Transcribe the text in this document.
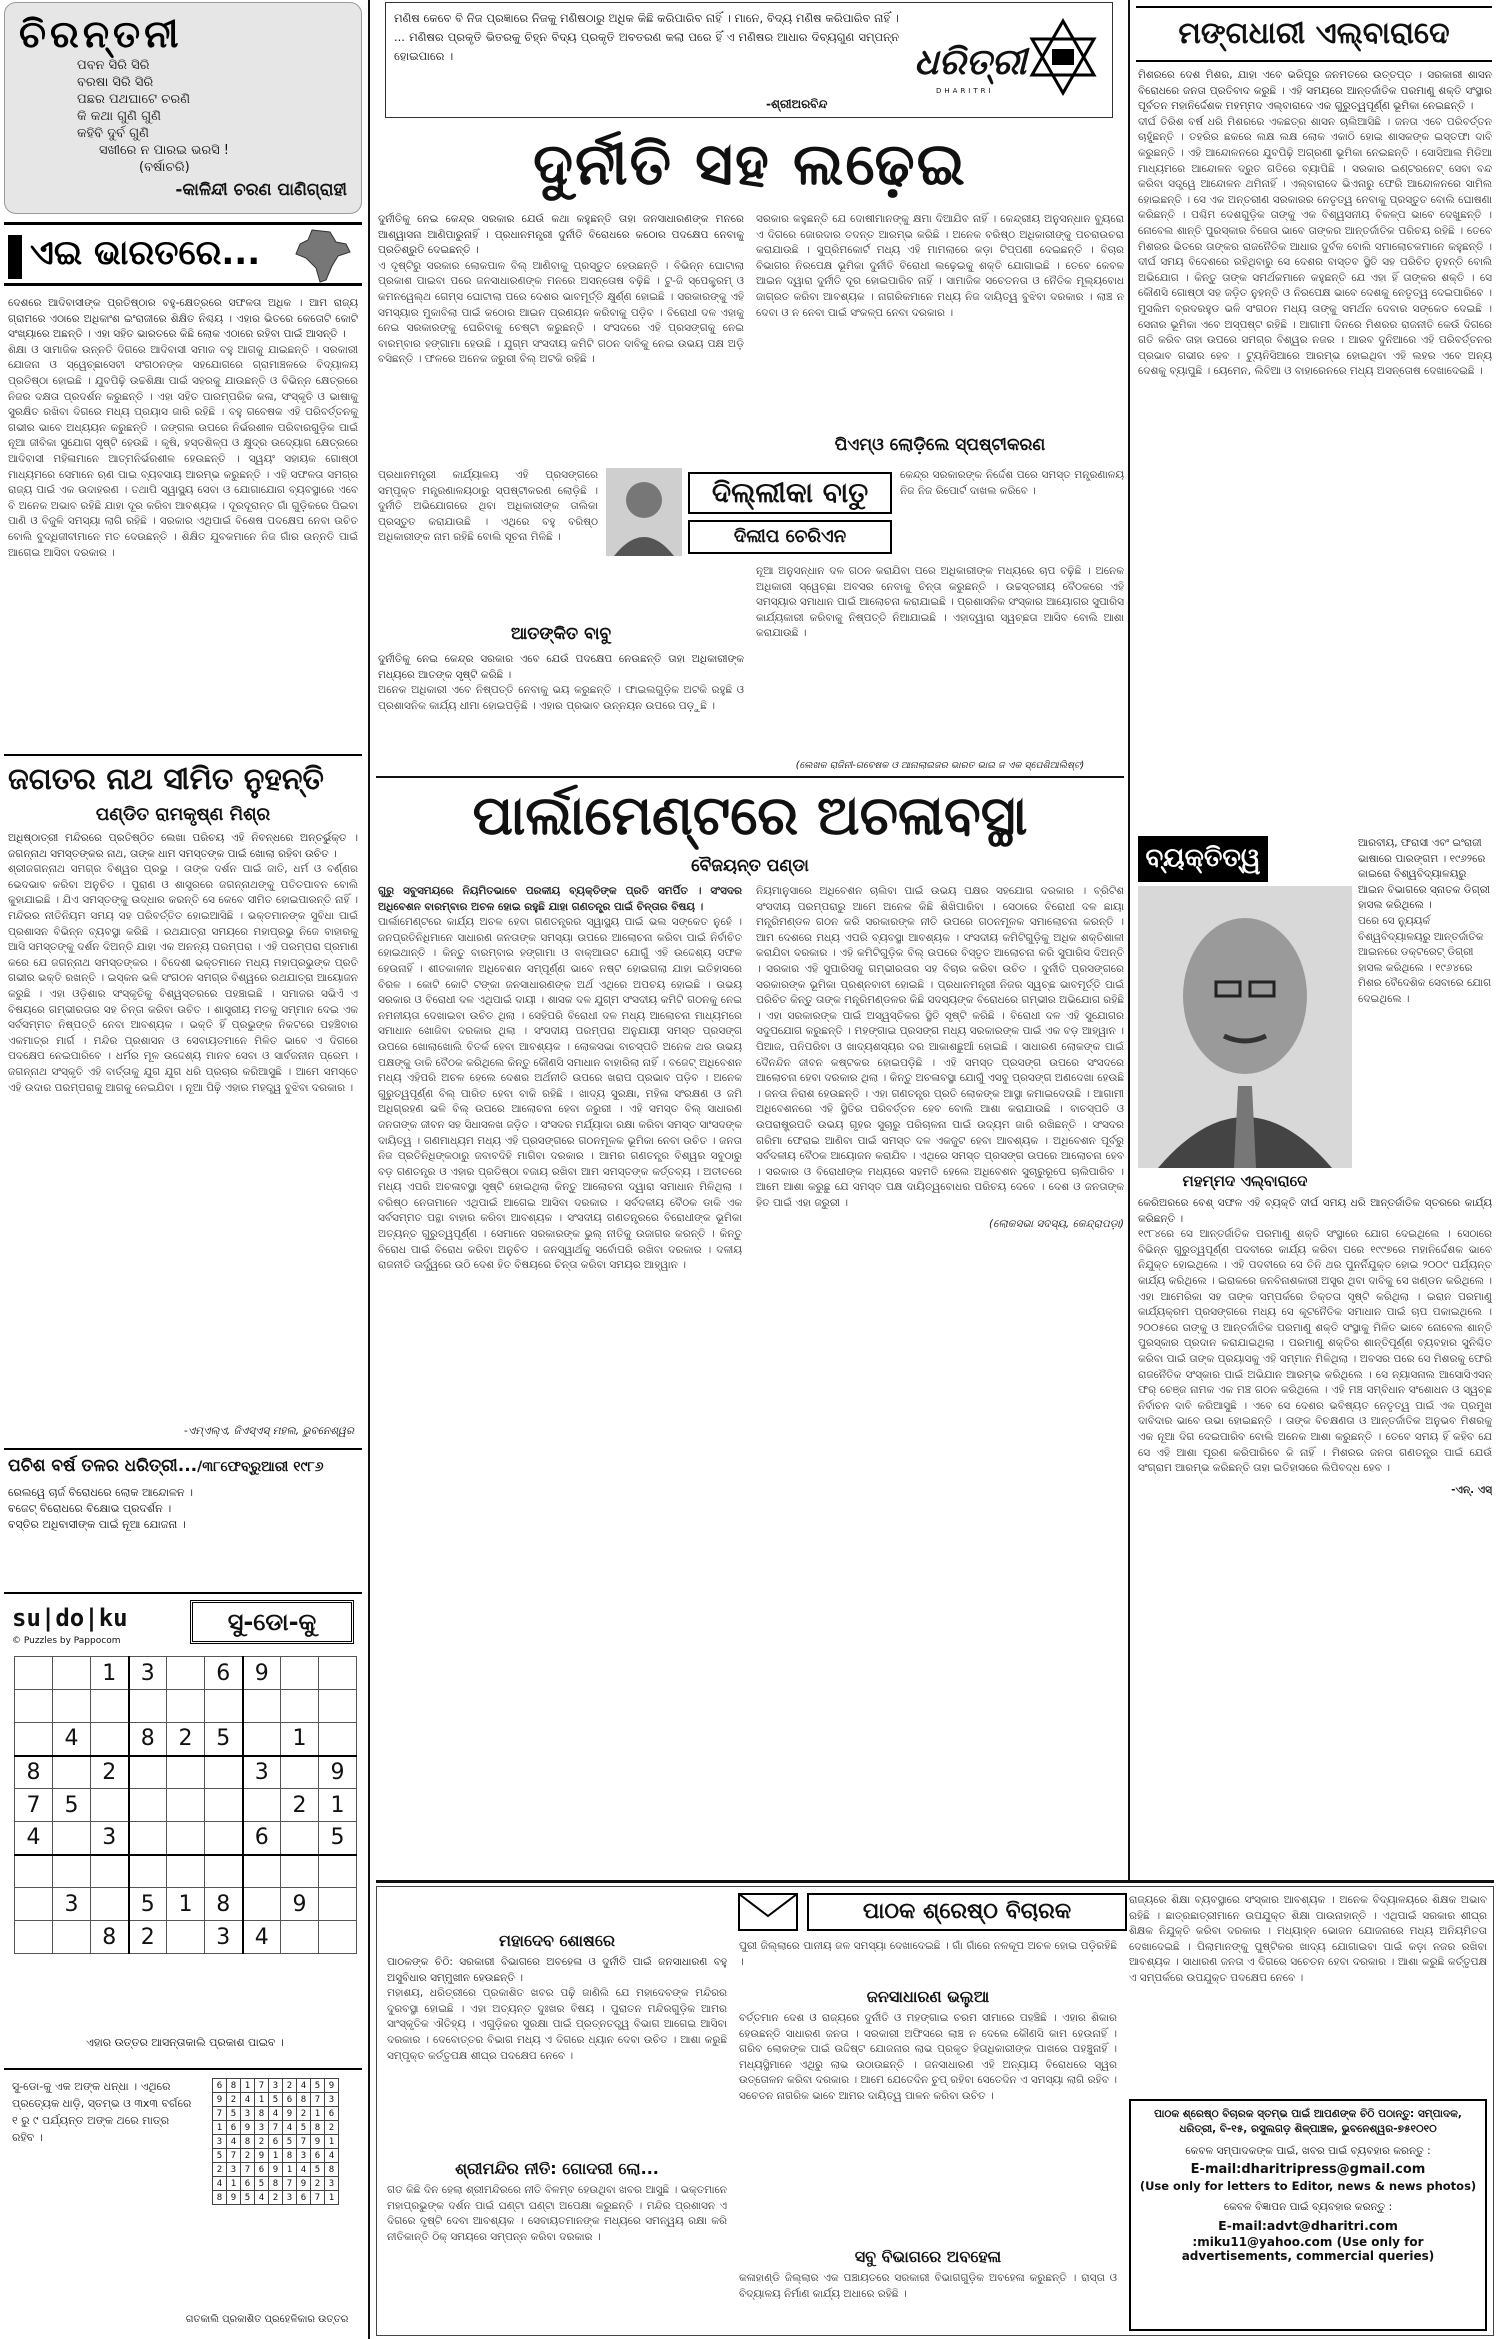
ଚିରନ୍ତନୀ
ପବନ ସିରି ସିରି
ବରଷା ସିରି ସିରି
ପଛର ପଥଘାଟେ ଚରଣି
କି କଥା ଗୁଣି ଗୁଣି
କହିବି ଦୁର୍ବ ଗୁଣି
ସଖୀରେ ନ ପାରଇ ଭରସି !
(ବର୍ଷାଚରି)
-କାଳିନ୍ଦୀ ଚରଣ ପାଣିଗ୍ରାହୀ
ମଣିଷ କେବେ ବି ନିଜ ପ୍ରଜ୍ଞାରେ ନିଜକୁ ମଣିଷଠାରୁ ଅଧିକ କିଛି କରିପାରିବ ନାହିଁ । ମାନେ, ବିଦ୍ୟ ମଣିଷ କରିପାରିବ ନାହିଁ । ... ମଣିଷର ପ୍ରକୃତି ଭିତରକୁ ଚିହ୍ନ ବିଦ୍ୟ ପ୍ରକୃତି ଅବତରଣ କଲା ପରେ ହିଁ ଏ ମଣିଷର ଆଧାର ଦିବ୍ୟଗୁଣ ସମ୍ପନ୍ନ ହୋଇପାରେ ।
-ଶ୍ରୀଅରବିନ୍ଦ
ଧରିତ୍ରୀ
DHARITRI
ଏଇ ଭାରତରେ...
ଦେଶରେ ଆଦିବାସୀଙ୍କ ପ୍ରତିଷ୍ଠାର ବହୁ-କ୍ଷେତ୍ରରେ ସଫଳତା ଅଧିକ । ଆମ ରାଜ୍ୟ ଗ୍ରାମରେ ଏଠାରେ ଅଧିକାଂଶ ଇଂରାଜୀରେ ଶିକ୍ଷିତ ନିଶ୍ଚୟ । ଏହାର ଭିତରେ କେତୋଟି କୋଟି ସଂଖ୍ୟାରେ ଅଛନ୍ତି । ଏହା ସହିତ ଭାରତରେ କିଛି ଲୋକ ଏଠାରେ ରହିବା ପାଇଁ ଆସନ୍ତି ।
ଶିକ୍ଷା ଓ ସାମାଜିକ ଉନ୍ନତି ଦିଗରେ ଆଦିବାସୀ ସମାଜ ବହୁ ଆଗକୁ ଯାଇଛନ୍ତି । ସରକାରୀ ଯୋଜନା ଓ ସ୍ୱେଚ୍ଛାସେବୀ ସଂଗଠନଙ୍କ ସହଯୋଗରେ ଗ୍ରାମାଞ୍ଚଳରେ ବିଦ୍ୟାଳୟ ପ୍ରତିଷ୍ଠା ହୋଇଛି । ଯୁବପିଢ଼ି ଉଚ୍ଚଶିକ୍ଷା ପାଇଁ ସହରକୁ ଯାଉଛନ୍ତି ଓ ବିଭିନ୍ନ କ୍ଷେତ୍ରରେ ନିଜର ଦକ୍ଷତା ପ୍ରଦର୍ଶନ କରୁଛନ୍ତି । ଏହା ସହିତ ପାରମ୍ପରିକ କଳା, ସଂସ୍କୃତି ଓ ଭାଷାକୁ ସୁରକ୍ଷିତ ରଖିବା ଦିଗରେ ମଧ୍ୟ ପ୍ରୟାସ ଜାରି ରହିଛି । ବହୁ ଗବେଷକ ଏହି ପରିବର୍ତ୍ତନକୁ ଗଭୀର ଭାବେ ଅଧ୍ୟୟନ କରୁଛନ୍ତି । ଜଙ୍ଗଲ ଉପରେ ନିର୍ଭରଶୀଳ ପରିବାରଗୁଡ଼ିକ ପାଇଁ ନୂଆ ଜୀବିକା ସୁଯୋଗ ସୃଷ୍ଟି ହେଉଛି । କୃଷି, ହସ୍ତଶିଳ୍ପ ଓ କ୍ଷୁଦ୍ର ଉଦ୍ୟୋଗ କ୍ଷେତ୍ରରେ ଆଦିବାସୀ ମହିଳାମାନେ ଆତ୍ମନିର୍ଭରଶୀଳ ହେଉଛନ୍ତି । ସ୍ୱୟଂ ସହାୟକ ଗୋଷ୍ଠୀ ମାଧ୍ୟମରେ ସେମାନେ ଋଣ ପାଇ ବ୍ୟବସାୟ ଆରମ୍ଭ କରୁଛନ୍ତି । ଏହି ସଫଳତା ସମଗ୍ର ରାଜ୍ୟ ପାଇଁ ଏକ ଉଦାହରଣ । ତଥାପି ସ୍ୱାସ୍ଥ୍ୟ ସେବା ଓ ଯୋଗାଯୋଗ ବ୍ୟବସ୍ଥାରେ ଏବେ ବି ଅନେକ ଅଭାବ ରହିଛି ଯାହା ଦୂର କରିବା ଆବଶ୍ୟକ । ଦୂରଦୂରାନ୍ତ ଗାଁ ଗୁଡ଼ିକରେ ପିଇବା ପାଣି ଓ ବିଜୁଳି ସମସ୍ୟା ଲାଗି ରହିଛି । ସରକାର ଏଥିପାଇଁ ବିଶେଷ ପଦକ୍ଷେପ ନେବା ଉଚିତ ବୋଲି ବୁଦ୍ଧିଜୀବୀମାନେ ମତ ଦେଉଛନ୍ତି । ଶିକ୍ଷିତ ଯୁବକମାନେ ନିଜ ଗାଁର ଉନ୍ନତି ପାଇଁ ଆଗେଇ ଆସିବା ଦରକାର ।
ଜଗତର ନାଥ ସୀମିତ ନୁହନ୍ତି
ପଣ୍ଡିତ ରାମକୃଷ୍ଣ ମିଶ୍ର
ଅଧିଷ୍ଠାତ୍ରୀ ମନ୍ଦିରରେ ପ୍ରତିଷ୍ଠିତ ଲେଖା ପରିଚୟ ଏହି ନିବନ୍ଧରେ ଅନ୍ତର୍ଭୁକ୍ତ । ଜଗନ୍ନାଥ ସମସ୍ତଙ୍କର ନାଥ, ତାଙ୍କ ଧାମ ସମସ୍ତଙ୍କ ପାଇଁ ଖୋଲା ରହିବା ଉଚିତ ।
ଶ୍ରୀଜଗନ୍ନାଥ ସମଗ୍ର ବିଶ୍ୱର ପ୍ରଭୁ । ତାଙ୍କ ଦର୍ଶନ ପାଇଁ ଜାତି, ଧର୍ମ ଓ ବର୍ଣ୍ଣର ଭେଦଭାବ କରିବା ଅନୁଚିତ । ପୁରାଣ ଓ ଶାସ୍ତ୍ରରେ ଜଗନ୍ନାଥଙ୍କୁ ପତିତପାବନ ବୋଲି କୁହାଯାଇଛି । ଯିଏ ସମସ୍ତଙ୍କୁ ଉଦ୍ଧାର କରନ୍ତି ସେ କେବେ ସୀମିତ ହୋଇପାରନ୍ତି ନାହିଁ । ମନ୍ଦିରର ନୀତିନିୟମ ସମୟ ସହ ପରିବର୍ତ୍ତିତ ହୋଇଆସିଛି । ଭକ୍ତମାନଙ୍କ ସୁବିଧା ପାଇଁ ପ୍ରଶାସନ ବିଭିନ୍ନ ବ୍ୟବସ୍ଥା କରିଛି । ରଥଯାତ୍ରା ସମୟରେ ମହାପ୍ରଭୁ ନିଜେ ବାହାରକୁ ଆସି ସମସ୍ତଙ୍କୁ ଦର୍ଶନ ଦିଅନ୍ତି ଯାହା ଏକ ଅନନ୍ୟ ପରମ୍ପରା । ଏହି ପରମ୍ପରା ପ୍ରମାଣ କରେ ଯେ ଜଗନ୍ନାଥ ସମସ୍ତଙ୍କର । ବିଦେଶୀ ଭକ୍ତମାନେ ମଧ୍ୟ ମହାପ୍ରଭୁଙ୍କ ପ୍ରତି ଗଭୀର ଭକ୍ତି ରଖନ୍ତି । ଇସ୍କନ ଭଳି ସଂଗଠନ ସମଗ୍ର ବିଶ୍ୱରେ ରଥଯାତ୍ରା ଆୟୋଜନ କରୁଛି । ଏହା ଓଡ଼ିଶାର ସଂସ୍କୃତିକୁ ବିଶ୍ୱସ୍ତରରେ ପହଞ୍ଚାଇଛି । ସମାଜର ସଭିଏଁ ଏ ବିଷୟରେ ଗମ୍ଭୀରତାର ସହ ଚିନ୍ତା କରିବା ଉଚିତ । ଶାସ୍ତ୍ରୀୟ ମତକୁ ସମ୍ମାନ ଦେଇ ଏକ ସର୍ବସମ୍ମତ ନିଷ୍ପତ୍ତି ନେବା ଆବଶ୍ୟକ । ଭକ୍ତି ହିଁ ପ୍ରଭୁଙ୍କ ନିକଟରେ ପହଞ୍ଚିବାର ଏକମାତ୍ର ମାର୍ଗ । ମନ୍ଦିର ପ୍ରଶାସନ ଓ ସେବାୟତମାନେ ମିଳିତ ଭାବେ ଏ ଦିଗରେ ପଦକ୍ଷେପ ନେଇପାରିବେ । ଧର୍ମର ମୂଳ ଉଦ୍ଦେଶ୍ୟ ମାନବ ସେବା ଓ ସାର୍ବଜନୀନ ପ୍ରେମ । ଜଗନ୍ନାଥ ସଂସ୍କୃତି ଏହି ବାର୍ତ୍ତାକୁ ଯୁଗ ଯୁଗ ଧରି ପ୍ରଚାର କରିଆସୁଛି । ଆମେ ସମସ୍ତେ ଏହି ଉଦାର ପରମ୍ପରାକୁ ଆଗକୁ ନେଇଯିବା । ନୂଆ ପିଢ଼ି ଏହାର ମହତ୍ତ୍ୱ ବୁଝିବା ଦରକାର ।
-ଏମ୍‌ଏଲ୍‌ଏ, ଜିଏସ୍‌ଏସ୍ ମହଲ, ଭୁବନେଶ୍ୱର
ପଚିଶ ବର୍ଷ ତଳର ଧରିତ୍ରୀ.../୩୮ଫେବ୍ରୁଆରୀ ୧୯୮୬
ରେଲୱେ ଚାର୍ଜ ବିରୋଧରେ ଲୋକ ଆନ୍ଦୋଳନ ।
ବଜେଟ୍ ବିରୋଧରେ ବିକ୍ଷୋଭ ପ୍ରଦର୍ଶନ ।
ବସ୍ତିର ଅଧିବାସୀଙ୍କ ପାଇଁ ନୂଆ ଯୋଜନା ।
su|do|ku
© Puzzles by Pappocom
ସୁ-ଡୋ-କୁ
		1	3		6	9		

	4		8	2	5		1	
8		2				3		9
7	5						2	1
4		3				6		5

	3		5	1	8		9	
		8	2		3	4		
ଏହାର ଉତ୍ତର ଆସନ୍ତାକାଲି ପ୍ରକାଶ ପାଇବ ।
ସୁ-ଡୋ-କୁ ଏକ ଅଙ୍କ ଧନ୍ଧା । ଏଥିରେ ପ୍ରତ୍ୟେକ ଧାଡ଼ି, ସ୍ତମ୍ଭ ଓ ୩x୩ ବର୍ଗରେ ୧ ରୁ ୯ ପର୍ଯ୍ୟନ୍ତ ଅଙ୍କ ଥରେ ମାତ୍ର ରହିବ ।
6	8	1	7	3	2	4	5	9
9	2	4	1	5	6	8	7	3
7	5	3	8	4	9	2	1	6
1	6	9	3	7	4	5	8	2
3	4	8	2	6	5	7	9	1
5	7	2	9	1	8	3	6	4
2	3	7	6	9	1	4	5	8
4	1	6	5	8	7	9	2	3
8	9	5	4	2	3	6	7	1
ଗତକାଲି ପ୍ରକାଶିତ ପ୍ରହେଳିକାର ଉତ୍ତର
ଦୁର୍ନୀତି ସହ ଲଢ଼େଇ
ଦୁର୍ନୀତିକୁ ନେଇ କେନ୍ଦ୍ର ସରକାର ଯେଉଁ କଥା କହୁଛନ୍ତି ତାହା ଜନସାଧାରଣଙ୍କ ମନରେ ଆଶ୍ୱାସନା ଆଣିପାରୁନାହିଁ । ପ୍ରଧାନମନ୍ତ୍ରୀ ଦୁର୍ନୀତି ବିରୋଧରେ କଠୋର ପଦକ୍ଷେପ ନେବାକୁ ପ୍ରତିଶ୍ରୁତି ଦେଇଛନ୍ତି ।
ଏ ଦୃଷ୍ଟିରୁ ସରକାର ଲୋକପାଳ ବିଲ୍ ଆଣିବାକୁ ପ୍ରସ୍ତୁତ ହେଉଛନ୍ତି । ବିଭିନ୍ନ ଘୋଟାଲା ପ୍ରକାଶ ପାଇବା ପରେ ଜନସାଧାରଣଙ୍କ ମନରେ ଅସନ୍ତୋଷ ବଢ଼ିଛି । ଟୁ-ଜି ସ୍ପେକ୍ଟ୍ରମ୍ ଓ କମନୱେଲ୍‌ଥ ଗେମ୍ସ ଘୋଟାଲା ପରେ ଦେଶର ଭାବମୂର୍ତ୍ତି କ୍ଷୁର୍ଣ୍ଣ ହୋଇଛି । ସରକାରଙ୍କୁ ଏହି ସମସ୍ୟାର ମୁକାବିଲା ପାଇଁ କଠୋର ଆଇନ ପ୍ରଣୟନ କରିବାକୁ ପଡ଼ିବ । ବିରୋଧୀ ଦଳ ଏହାକୁ ନେଇ ସରକାରଙ୍କୁ ଘେରିବାକୁ ଚେଷ୍ଟା କରୁଛନ୍ତି । ସଂସଦରେ ଏହି ପ୍ରସଙ୍ଗକୁ ନେଇ ବାରମ୍ବାର ହଙ୍ଗାମା ହେଉଛି । ଯୁଗ୍ମ ସଂସଦୀୟ କମିଟି ଗଠନ ଦାବିକୁ ନେଇ ଉଭୟ ପକ୍ଷ ଅଡ଼ି ବସିଛନ୍ତି । ଫଳରେ ଅନେକ ଜରୁରୀ ବିଲ୍ ଅଟକି ରହିଛି ।
ସରକାର କହୁଛନ୍ତି ଯେ ଦୋଷୀମାନଙ୍କୁ କ୍ଷମା ଦିଆଯିବ ନାହିଁ । କେନ୍ଦ୍ରୀୟ ଅନୁସନ୍ଧାନ ବ୍ୟୁରୋ ଏ ଦିଗରେ ଜୋରଦାର ତଦନ୍ତ ଆରମ୍ଭ କରିଛି । ଅନେକ ବରିଷ୍ଠ ଅଧିକାରୀଙ୍କୁ ପଚରାଉଚରା କରାଯାଉଛି । ସୁପ୍ରିମକୋର୍ଟ ମଧ୍ୟ ଏହି ମାମଲାରେ କଡ଼ା ଟିପ୍ପଣୀ ଦେଇଛନ୍ତି । ବିଚାର ବିଭାଗର ନିରପେକ୍ଷ ଭୂମିକା ଦୁର୍ନୀତି ବିରୋଧୀ ଲଢ଼େଇକୁ ଶକ୍ତି ଯୋଗାଇଛି । ତେବେ କେବଳ ଆଇନ ଦ୍ୱାରା ଦୁର୍ନୀତି ଦୂର ହୋଇପାରିବ ନାହିଁ । ସାମାଜିକ ସଚେତନତା ଓ ନୈତିକ ମୂଲ୍ୟବୋଧ ଜାଗ୍ରତ କରିବା ଆବଶ୍ୟକ । ନାଗରିକମାନେ ମଧ୍ୟ ନିଜ ଦାୟିତ୍ୱ ବୁଝିବା ଦରକାର । ଲାଞ୍ଚ ନ ଦେବା ଓ ନ ନେବା ପାଇଁ ସଂକଳ୍ପ ନେବା ଦରକାର ।
ଦିଲ୍ଲୀକା ବାତୁ
ଦିଲୀପ ଚେରିଏନ
ପିଏମ୍‌ଓ ଲୋଡ଼ିଲେ ସ୍ପଷ୍ଟୀକରଣ
ପ୍ରଧାନମନ୍ତ୍ରୀ କାର୍ଯ୍ୟାଳୟ ଏହି ପ୍ରସଙ୍ଗରେ ସମ୍ପୃକ୍ତ ମନ୍ତ୍ରଣାଳୟଠାରୁ ସ୍ପଷ୍ଟୀକରଣ ଲୋଡ଼ିଛି । ଦୁର୍ନୀତି ଅଭିଯୋଗରେ ଥିବା ଅଧିକାରୀଙ୍କ ତାଲିକା ପ୍ରସ୍ତୁତ କରାଯାଉଛି । ଏଥିରେ ବହୁ ବରିଷ୍ଠ ଅଧିକାରୀଙ୍କ ନାମ ରହିଛି ବୋଲି ସୂଚନା ମିଳିଛି ।
କେନ୍ଦ୍ର ସରକାରଙ୍କ ନିର୍ଦ୍ଦେଶ ପରେ ସମସ୍ତ ମନ୍ତ୍ରଣାଳୟ ନିଜ ନିଜ ରିପୋର୍ଟ ଦାଖଲ କରିବେ ।
ଆତଙ୍କିତ ବାବୁ
ଦୁର୍ନୀତିକୁ ନେଇ କେନ୍ଦ୍ର ସରକାର ଏବେ ଯେଉଁ ପଦକ୍ଷେପ ନେଉଛନ୍ତି ତାହା ଅଧିକାରୀଙ୍କ ମଧ୍ୟରେ ଆତଙ୍କ ସୃଷ୍ଟି କରିଛି ।
ଅନେକ ଅଧିକାରୀ ଏବେ ନିଷ୍ପତ୍ତି ନେବାକୁ ଭୟ କରୁଛନ୍ତି । ଫାଇଲଗୁଡ଼ିକ ଅଟକି ରହୁଛି ଓ ପ୍ରଶାସନିକ କାର୍ଯ୍ୟ ଧୀମା ହୋଇପଡ଼ିଛି । ଏହାର ପ୍ରଭାବ ଉନ୍ନୟନ ଉପରେ ପଡ଼ୁଛି ।
ନୂଆ ଅନୁସନ୍ଧାନ ଦଳ ଗଠନ କରାଯିବା ପରେ ଅଧିକାରୀଙ୍କ ମଧ୍ୟରେ ଚାପ ବଢ଼ିଛି । ଅନେକ ଅଧିକାରୀ ସ୍ୱେଚ୍ଛା ଅବସର ନେବାକୁ ଚିନ୍ତା କରୁଛନ୍ତି । ଉଚ୍ଚସ୍ତରୀୟ ବୈଠକରେ ଏହି ସମସ୍ୟାର ସମାଧାନ ପାଇଁ ଆଲୋଚନା କରାଯାଇଛି । ପ୍ରଶାସନିକ ସଂସ୍କାର ଆୟୋଗର ସୁପାରିସ କାର୍ଯ୍ୟକାରୀ କରିବାକୁ ନିଷ୍ପତ୍ତି ନିଆଯାଇଛି । ଏହାଦ୍ୱାରା ସ୍ୱଚ୍ଛତା ଆସିବ ବୋଲି ଆଶା କରାଯାଉଛି ।
(ଲେଖକ ରାଜିନୀ-ଗବେଷକ ଓ ଆନାଲାଇଜର ଭାରତ ଭାଇ ଜ ଏକ ସ୍ପେଶିଆଲିଷ୍ଟ)
ପାର୍ଲାମେଣ୍ଟରେ ଅଚଳାବସ୍ଥା
ବୈଜୟନ୍ତ ପଣ୍ଡା
ଗୁରୁ ସବୁସମୟରେ ନିୟମିତଭାବେ ପରକୀୟ ବ୍ୟକ୍ତିଙ୍କ ପ୍ରତି ସମର୍ପିତ । ସଂସଦର ଅଧିବେଶନ ବାରମ୍ବାର ଅଚଳ ହୋଇ ରହୁଛି ଯାହା ଗଣତନ୍ତ୍ର ପାଇଁ ଚିନ୍ତାର ବିଷୟ ।
ପାର୍ଲାମେଣ୍ଟରେ କାର୍ଯ୍ୟ ଅଚଳ ହେବା ଗଣତନ୍ତ୍ରର ସ୍ୱାସ୍ଥ୍ୟ ପାଇଁ ଭଲ ସଙ୍କେତ ନୁହେଁ । ଜନପ୍ରତିନିଧିମାନେ ସାଧାରଣ ଜନତାଙ୍କ ସମସ୍ୟା ଉପରେ ଆଲୋଚନା କରିବା ପାଇଁ ନିର୍ବାଚିତ ହୋଇଥାନ୍ତି । କିନ୍ତୁ ବାରମ୍ବାର ହଙ୍ଗାମା ଓ ବାକ୍‌ଆଉଟ ଯୋଗୁଁ ଏହି ଉଦ୍ଦେଶ୍ୟ ସଫଳ ହେଉନାହିଁ । ଶୀତକାଳୀନ ଅଧିବେଶନ ସମ୍ପୂର୍ଣ୍ଣ ଭାବେ ନଷ୍ଟ ହୋଇଗଲା ଯାହା ଇତିହାସରେ ବିରଳ । କୋଟି କୋଟି ଟଙ୍କା ଜନସାଧାରଣଙ୍କ ଅର୍ଥ ଏଥିରେ ଅପଚୟ ହୋଇଛି । ଉଭୟ ସରକାର ଓ ବିରୋଧୀ ଦଳ ଏଥିପାଇଁ ଦାୟୀ । ଶାସକ ଦଳ ଯୁଗ୍ମ ସଂସଦୀୟ କମିଟି ଗଠନକୁ ନେଇ ନମନୀୟତା ଦେଖାଇବା ଉଚିତ ଥିଲା । ସେହିପରି ବିରୋଧୀ ଦଳ ମଧ୍ୟ ଆଲୋଚନା ମାଧ୍ୟମରେ ସମାଧାନ ଖୋଜିବା ଦରକାର ଥିଲା । ସଂସଦୀୟ ପରମ୍ପରା ଅନୁଯାୟୀ ସମସ୍ତ ପ୍ରସଙ୍ଗ ଉପରେ ଖୋଲାଖୋଲି ବିତର୍କ ହେବା ଆବଶ୍ୟକ । ଲୋକସଭା ବାଚସ୍ପତି ଅନେକ ଥର ଉଭୟ ପକ୍ଷଙ୍କୁ ଡାକି ବୈଠକ କରିଥିଲେ କିନ୍ତୁ କୌଣସି ସମାଧାନ ବାହାରିଲା ନାହିଁ । ବଜେଟ୍ ଅଧିବେଶନ ମଧ୍ୟ ଏହିପରି ଅଚଳ ହେଲେ ଦେଶର ଅର୍ଥନୀତି ଉପରେ ଖରାପ ପ୍ରଭାବ ପଡ଼ିବ । ଅନେକ ଗୁରୁତ୍ୱପୂର୍ଣ୍ଣ ବିଲ୍ ପାରିତ ହେବା ବାକି ରହିଛି । ଖାଦ୍ୟ ସୁରକ୍ଷା, ମହିଳା ସଂରକ୍ଷଣ ଓ ଜମି ଅଧିଗ୍ରହଣ ଭଳି ବିଲ୍ ଉପରେ ଆଲୋଚନା ହେବା ଜରୁରୀ । ଏହି ସମସ୍ତ ବିଲ୍ ସାଧାରଣ ଜନତାଙ୍କ ଜୀବନ ସହ ସିଧାସଳଖ ଜଡ଼ିତ । ସଂସଦର ମର୍ଯ୍ୟାଦା ରକ୍ଷା କରିବା ସମସ୍ତ ସାଂସଦଙ୍କ ଦାୟିତ୍ୱ । ଗଣମାଧ୍ୟମ ମଧ୍ୟ ଏହି ପ୍ରସଙ୍ଗରେ ଗଠନମୂଳକ ଭୂମିକା ନେବା ଉଚିତ । ଜନତା ନିଜ ପ୍ରତିନିଧିଙ୍କଠାରୁ ଜବାବଦିହି ମାଗିବା ଦରକାର । ଆମର ଗଣତନ୍ତ୍ର ବିଶ୍ୱର ସବୁଠାରୁ ବଡ଼ ଗଣତନ୍ତ୍ର ଓ ଏହାର ପ୍ରତିଷ୍ଠା ବଜାୟ ରଖିବା ଆମ ସମସ୍ତଙ୍କ କର୍ତ୍ତବ୍ୟ । ଅତୀତରେ ମଧ୍ୟ ଏପରି ଅଚଳାବସ୍ଥା ସୃଷ୍ଟି ହୋଇଥିଲା କିନ୍ତୁ ଆଲୋଚନା ଦ୍ୱାରା ସମାଧାନ ମିଳିଥିଲା । ବରିଷ୍ଠ ନେତାମାନେ ଏଥିପାଇଁ ଆଗେଇ ଆସିବା ଦରକାର । ସର୍ବଦଳୀୟ ବୈଠକ ଡାକି ଏକ ସର୍ବସମ୍ମତ ପନ୍ଥା ବାହାର କରିବା ଆବଶ୍ୟକ । ସଂସଦୀୟ ଗଣତନ୍ତ୍ରରେ ବିରୋଧୀଙ୍କ ଭୂମିକା ଅତ୍ୟନ୍ତ ଗୁରୁତ୍ୱପୂର୍ଣ୍ଣ । ସେମାନେ ସରକାରଙ୍କ ଭୁଲ୍ ନୀତିକୁ ଉଜାଗର କରନ୍ତି । କିନ୍ତୁ ବିରୋଧ ପାଇଁ ବିରୋଧ କରିବା ଅନୁଚିତ । ଜନସ୍ୱାର୍ଥକୁ ସର୍ବୋପରି ରଖିବା ଦରକାର । ଦଳୀୟ ରାଜନୀତି ଊର୍ଦ୍ଧ୍ୱରେ ଉଠି ଦେଶ ହିତ ବିଷୟରେ ଚିନ୍ତା କରିବା ସମୟର ଆହ୍ୱାନ ।
ନିୟମାନୁସାରେ ଅଧିବେଶନ ଚାଲିବା ପାଇଁ ଉଭୟ ପକ୍ଷର ସହଯୋଗ ଦରକାର । ବ୍ରିଟିଶ ସଂସଦୀୟ ପରମ୍ପରାରୁ ଆମେ ଅନେକ କିଛି ଶିଖିପାରିବା । ସେଠାରେ ବିରୋଧୀ ଦଳ ଛାୟା ମନ୍ତ୍ରିମଣ୍ଡଳ ଗଠନ କରି ସରକାରଙ୍କ ନୀତି ଉପରେ ଗଠନମୂଳକ ସମାଲୋଚନା କରନ୍ତି । ଆମ ଦେଶରେ ମଧ୍ୟ ଏପରି ବ୍ୟବସ୍ଥା ଆବଶ୍ୟକ । ସଂସଦୀୟ କମିଟିଗୁଡ଼ିକୁ ଅଧିକ ଶକ୍ତିଶାଳୀ କରାଯିବା ଦରକାର । ଏହି କମିଟିଗୁଡ଼ିକ ବିଲ୍ ଉପରେ ବିସ୍ତୃତ ଆଲୋଚନା କରି ସୁପାରିସ ଦିଅନ୍ତି । ସରକାର ଏହି ସୁପାରିସକୁ ଗମ୍ଭୀରତାର ସହ ବିଚାର କରିବା ଉଚିତ । ଦୁର୍ନୀତି ପ୍ରସଙ୍ଗରେ ସରକାରଙ୍କ ଭୂମିକା ପ୍ରଶ୍ନବାଚୀ ହୋଇଛି । ପ୍ରଧାନମନ୍ତ୍ରୀ ନିଜର ସ୍ୱଚ୍ଛ ଭାବମୂର୍ତ୍ତି ପାଇଁ ପରିଚିତ କିନ୍ତୁ ତାଙ୍କ ମନ୍ତ୍ରିମଣ୍ଡଳର କିଛି ସଦସ୍ୟଙ୍କ ବିରୋଧରେ ଗମ୍ଭୀର ଅଭିଯୋଗ ରହିଛି । ଏହା ସରକାରଙ୍କ ପାଇଁ ଅସ୍ୱସ୍ତିକର ସ୍ଥିତି ସୃଷ୍ଟି କରିଛି । ବିରୋଧୀ ଦଳ ଏହି ସୁଯୋଗର ସଦୁପଯୋଗ କରୁଛନ୍ତି । ମହଙ୍ଗାଇ ପ୍ରସଙ୍ଗ ମଧ୍ୟ ସରକାରଙ୍କ ପାଇଁ ଏକ ବଡ଼ ଆହ୍ୱାନ । ପିଆଜ, ପନିପରିବା ଓ ଖାଦ୍ୟଶସ୍ୟର ଦର ଆକାଶଛୁଆଁ ହୋଇଛି । ସାଧାରଣ ଲୋକଙ୍କ ପାଇଁ ଦୈନନ୍ଦିନ ଜୀବନ କଷ୍ଟକର ହୋଇପଡ଼ିଛି । ଏହି ସମସ୍ତ ପ୍ରସଙ୍ଗ ଉପରେ ସଂସଦରେ ଆଲୋଚନା ହେବା ଦରକାର ଥିଲା । କିନ୍ତୁ ଅଚଳାବସ୍ଥା ଯୋଗୁଁ ଏସବୁ ପ୍ରସଙ୍ଗ ଅଣଦେଖା ହେଉଛି । ଜନତା ନିରାଶ ହେଉଛନ୍ତି । ଏହା ଗଣତନ୍ତ୍ର ପ୍ରତି ଲୋକଙ୍କ ଆସ୍ଥା କମାଇଦେଉଛି । ଆଗାମୀ ଅଧିବେଶନରେ ଏହି ସ୍ଥିତିର ପରିବର୍ତ୍ତନ ହେବ ବୋଲି ଆଶା କରାଯାଉଛି । ବାଚସ୍ପତି ଓ ଉପରାଷ୍ଟ୍ରପତି ଉଭୟ ଗୃହର ସୁଚାରୁ ପରିଚାଳନା ପାଇଁ ଉଦ୍ୟମ ଜାରି ରଖିଛନ୍ତି । ସଂସଦର ଗରିମା ଫେରାଇ ଆଣିବା ପାଇଁ ସମସ୍ତ ଦଳ ଏକଜୁଟ ହେବା ଆବଶ୍ୟକ । ଅଧିବେଶନ ପୂର୍ବରୁ ସର୍ବଦଳୀୟ ବୈଠକ ଆୟୋଜନ କରାଯିବ । ଏଥିରେ ସମସ୍ତ ପ୍ରସଙ୍ଗ ଉପରେ ଆଲୋଚନା ହେବ । ସରକାର ଓ ବିରୋଧୀଙ୍କ ମଧ୍ୟରେ ସହମତି ହେଲେ ଅଧିବେଶନ ସୁଚାରୁରୂପେ ଚାଲିପାରିବ । ଆମେ ଆଶା କରୁଛୁ ଯେ ସମସ୍ତ ପକ୍ଷ ଦାୟିତ୍ୱବୋଧର ପରିଚୟ ଦେବେ । ଦେଶ ଓ ଜନତାଙ୍କ ହିତ ପାଇଁ ଏହା ଜରୁରୀ ।
(ଲୋକସଭା ସଦସ୍ୟ, କେନ୍ଦ୍ରାପଡ଼ା)
ମଙ୍ଗଧାରୀ ଏଲ୍‌ବାରାଦେ
ମିଶରରେ ଦେଶ ମିଶର, ଯାହା ଏବେ ଭରିପୂର ଜନମତରେ ଉତ୍ତପ୍ତ । ସରକାରୀ ଶାସନ ବିରୋଧରେ ଜନତା ପ୍ରତିବାଦ କରୁଛି । ଏହି ସମୟରେ ଆନ୍ତର୍ଜାତିକ ପରମାଣୁ ଶକ୍ତି ସଂସ୍ଥାର ପୂର୍ବତନ ମହାନିର୍ଦ୍ଦେଶକ ମହମ୍ମଦ ଏଲ୍‌ବାରାଦେ ଏକ ଗୁରୁତ୍ୱପୂର୍ଣ୍ଣ ଭୂମିକା ନେଇଛନ୍ତି ।
ଦୀର୍ଘ ତିରିଶ ବର୍ଷ ଧରି ମିଶରରେ ଏକଛତ୍ର ଶାସନ ଚାଲିଆସିଛି । ଜନତା ଏବେ ପରିବର୍ତ୍ତନ ଚାହୁଁଛନ୍ତି । ତହରିର ଛକରେ ଲକ୍ଷ ଲକ୍ଷ ଲୋକ ଏକାଠି ହୋଇ ଶାସକଙ୍କ ଇସ୍ତଫା ଦାବି କରୁଛନ୍ତି । ଏହି ଆନ୍ଦୋଳନରେ ଯୁବପିଢ଼ି ଅଗ୍ରଣୀ ଭୂମିକା ନେଇଛନ୍ତି । ସୋସିଆଲ ମିଡିଆ ମାଧ୍ୟମରେ ଆନ୍ଦୋଳନ ଦ୍ରୁତ ଗତିରେ ବ୍ୟାପିଛି । ସରକାର ଇଣ୍ଟରନେଟ୍ ସେବା ବନ୍ଦ କରିବା ସତ୍ତ୍ୱେ ଆନ୍ଦୋଳନ ଥମିନାହିଁ । ଏଲ୍‌ବାରାଦେ ଭିଏନାରୁ ଫେରି ଆନ୍ଦୋଳନରେ ସାମିଲ ହୋଇଛନ୍ତି । ସେ ଏକ ଅନ୍ତରୀଣ ସରକାରର ନେତୃତ୍ୱ ନେବାକୁ ପ୍ରସ୍ତୁତ ବୋଲି ଘୋଷଣା କରିଛନ୍ତି । ପଶ୍ଚିମ ଦେଶଗୁଡ଼ିକ ତାଙ୍କୁ ଏକ ବିଶ୍ୱସନୀୟ ବିକଳ୍ପ ଭାବେ ଦେଖୁଛନ୍ତି । ନୋବେଲ ଶାନ୍ତି ପୁରସ୍କାର ବିଜେତା ଭାବେ ତାଙ୍କର ଆନ୍ତର୍ଜାତିକ ପରିଚୟ ରହିଛି । ତେବେ ମିଶରର ଭିତରେ ତାଙ୍କର ରାଜନୈତିକ ଆଧାର ଦୁର୍ବଳ ବୋଲି ସମାଲୋଚକମାନେ କହୁଛନ୍ତି । ଦୀର୍ଘ ସମୟ ବିଦେଶରେ ରହିଥିବାରୁ ସେ ଦେଶର ବାସ୍ତବ ସ୍ଥିତି ସହ ପରିଚିତ ନୁହନ୍ତି ବୋଲି ଅଭିଯୋଗ । କିନ୍ତୁ ତାଙ୍କ ସମର୍ଥକମାନେ କହୁଛନ୍ତି ଯେ ଏହା ହିଁ ତାଙ୍କର ଶକ୍ତି । ସେ କୌଣସି ଗୋଷ୍ଠୀ ସହ ଜଡ଼ିତ ନୁହନ୍ତି ଓ ନିରପେକ୍ଷ ଭାବେ ଦେଶକୁ ନେତୃତ୍ୱ ଦେଇପାରିବେ । ମୁସଲିମ ବ୍ରଦରହୁଡ ଭଳି ସଂଗଠନ ମଧ୍ୟ ତାଙ୍କୁ ସମର୍ଥନ ଦେବାର ସଙ୍କେତ ଦେଇଛି । ସେନାର ଭୂମିକା ଏବେ ଅସ୍ପଷ୍ଟ ରହିଛି । ଆଗାମୀ ଦିନରେ ମିଶରର ରାଜନୀତି କେଉଁ ଦିଗରେ ଗତି କରିବ ତାହା ଉପରେ ସମଗ୍ର ବିଶ୍ୱର ନଜର । ଆରବ ଦୁନିଆରେ ଏହି ପରିବର୍ତ୍ତନର ପ୍ରଭାବ ଗଭୀର ହେବ । ଟ୍ୟୁନିସିଆରେ ଆରମ୍ଭ ହୋଇଥିବା ଏହି ଲହର ଏବେ ଅନ୍ୟ ଦେଶକୁ ବ୍ୟାପୁଛି । ୟେମେନ, ଲିବିଆ ଓ ବାହାରେନରେ ମଧ୍ୟ ଅସନ୍ତୋଷ ଦେଖାଦେଇଛି ।
ବ୍ୟକ୍ତିତ୍ୱ
ମହମ୍ମଦ ଏଲ୍‌ବାରାଦେ
ଆରବୀୟ, ଫରାସୀ ଏବଂ ଇଂରାଜୀ ଭାଷାରେ ପାରଙ୍ଗମ । ୧୯୬୨ରେ କାଇରୋ ବିଶ୍ୱବିଦ୍ୟାଳୟରୁ ଆଇନ ବିଭାଗରେ ସ୍ନାତକ ଡିଗ୍ରୀ ହାସଲ କରିଥିଲେ ।
ପରେ ସେ ନ୍ୟୁୟର୍କ ବିଶ୍ୱବିଦ୍ୟାଳୟରୁ ଆନ୍ତର୍ଜାତିକ ଆଇନରେ ଡକ୍ଟରେଟ୍ ଡିଗ୍ରୀ ହାସଲ କରିଥିଲେ । ୧୯୬୪ରେ ମିଶର ବୈଦେଶିକ ସେବାରେ ଯୋଗ ଦେଇଥିଲେ ।
କେରିଅରରେ ବେଶ୍ ସଫଳ ଏହି ବ୍ୟକ୍ତି ଦୀର୍ଘ ସମୟ ଧରି ଆନ୍ତର୍ଜାତିକ ସ୍ତରରେ କାର୍ଯ୍ୟ କରିଛନ୍ତି ।
୧୯୮୪ରେ ସେ ଆନ୍ତର୍ଜାତିକ ପରମାଣୁ ଶକ୍ତି ସଂସ୍ଥାରେ ଯୋଗ ଦେଇଥିଲେ । ସେଠାରେ ବିଭିନ୍ନ ଗୁରୁତ୍ୱପୂର୍ଣ୍ଣ ପଦବୀରେ କାର୍ଯ୍ୟ କରିବା ପରେ ୧୯୯୭ରେ ମହାନିର୍ଦ୍ଦେଶକ ଭାବେ ନିଯୁକ୍ତ ହୋଇଥିଲେ । ଏହି ପଦବୀରେ ସେ ତିନି ଥର ପୁନର୍ନିଯୁକ୍ତ ହୋଇ ୨୦୦୯ ପର୍ଯ୍ୟନ୍ତ କାର୍ଯ୍ୟ କରିଥିଲେ । ଇରାକରେ ଜନବିନାଶକାରୀ ଅସ୍ତ୍ର ଥିବା ଦାବିକୁ ସେ ଖଣ୍ଡନ କରିଥିଲେ । ଏହା ଆମେରିକା ସହ ତାଙ୍କ ସମ୍ପର୍କରେ ତିକ୍ତତା ସୃଷ୍ଟି କରିଥିଲା । ଇରାନ ପରମାଣୁ କାର୍ଯ୍ୟକ୍ରମ ପ୍ରସଙ୍ଗରେ ମଧ୍ୟ ସେ କୂଟନୈତିକ ସମାଧାନ ପାଇଁ ଚାପ ପକାଇଥିଲେ । ୨୦୦୫ରେ ତାଙ୍କୁ ଓ ଆନ୍ତର୍ଜାତିକ ପରମାଣୁ ଶକ୍ତି ସଂସ୍ଥାକୁ ମିଳିତ ଭାବେ ନୋବେଲ ଶାନ୍ତି ପୁରସ୍କାର ପ୍ରଦାନ କରାଯାଇଥିଲା । ପରମାଣୁ ଶକ୍ତିର ଶାନ୍ତିପୂର୍ଣ୍ଣ ବ୍ୟବହାର ସୁନିଶ୍ଚିତ କରିବା ପାଇଁ ତାଙ୍କ ପ୍ରୟାସକୁ ଏହି ସମ୍ମାନ ମିଳିଥିଲା । ଅବସର ପରେ ସେ ମିଶରକୁ ଫେରି ରାଜନୈତିକ ସଂସ୍କାର ପାଇଁ ଅଭିଯାନ ଆରମ୍ଭ କରିଥିଲେ । ସେ ନ୍ୟାସନାଲ ଆସୋସିଏସନ୍ ଫର୍ ଚେଞ୍ଜ ନାମକ ଏକ ମଞ୍ଚ ଗଠନ କରିଥିଲେ । ଏହି ମଞ୍ଚ ସମ୍ବିଧାନ ସଂଶୋଧନ ଓ ସ୍ୱଚ୍ଛ ନିର୍ବାଚନ ଦାବି କରିଆସୁଛି । ଏବେ ସେ ଦେଶର ଭବିଷ୍ୟତ ନେତୃତ୍ୱ ପାଇଁ ଏକ ପ୍ରମୁଖ ଦାବିଦାର ଭାବେ ଉଭା ହୋଇଛନ୍ତି । ତାଙ୍କ ବିଚକ୍ଷଣତା ଓ ଆନ୍ତର୍ଜାତିକ ଅନୁଭବ ମିଶରକୁ ଏକ ନୂଆ ଦିଗ ଦେଇପାରିବ ବୋଲି ଅନେକ ଆଶା କରୁଛନ୍ତି । ତେବେ ସମୟ ହିଁ କହିବ ଯେ ସେ ଏହି ଆଶା ପୂରଣ କରିପାରିବେ କି ନାହିଁ । ମିଶରର ଜନତା ଗଣତନ୍ତ୍ର ପାଇଁ ଯେଉଁ ସଂଗ୍ରାମ ଆରମ୍ଭ କରିଛନ୍ତି ତାହା ଇତିହାସରେ ଲିପିବଦ୍ଧ ହେବ ।
-ଏନ୍. ଏସ୍
ପାଠକ ଶ୍ରେଷ୍ଠ ବିଚାରକ
ମହାଦେବ ଶୋଷରେ
ପାଠକଙ୍କ ଚିଠି: ସରକାରୀ ବିଭାଗରେ ଅବହେଳା ଓ ଦୁର୍ନୀତି ପାଇଁ ଜନସାଧାରଣ ବହୁ ଅସୁବିଧାର ସମ୍ମୁଖୀନ ହେଉଛନ୍ତି ।
ମହାଶୟ, ଧରିତ୍ରୀରେ ପ୍ରକାଶିତ ଖବର ପଢ଼ି ଜାଣିଲି ଯେ ମହାଦେବଙ୍କ ମନ୍ଦିରର ଦୁରବସ୍ଥା ହୋଇଛି । ଏହା ଅତ୍ୟନ୍ତ ଦୁଃଖର ବିଷୟ । ପୁରାତନ ମନ୍ଦିରଗୁଡ଼ିକ ଆମର ସାଂସ୍କୃତିକ ଐତିହ୍ୟ । ଏଗୁଡ଼ିକର ସୁରକ୍ଷା ପାଇଁ ପ୍ରତ୍ନତତ୍ତ୍ୱ ବିଭାଗ ଆଗେଇ ଆସିବା ଦରକାର । ଦେବୋତ୍ତର ବିଭାଗ ମଧ୍ୟ ଏ ଦିଗରେ ଧ୍ୟାନ ଦେବା ଉଚିତ । ଆଶା କରୁଛି ସମ୍ପୃକ୍ତ କର୍ତ୍ତୃପକ୍ଷ ଶୀଘ୍ର ପଦକ୍ଷେପ ନେବେ ।
ଶ୍ରୀମନ୍ଦିର ନୀତି: ଗୋଦରୀ ଲୋ...
ଗତ କିଛି ଦିନ ହେଲା ଶ୍ରୀମନ୍ଦିରରେ ନୀତି ବିଳମ୍ବ ହେଉଥିବା ଖବର ଆସୁଛି । ଭକ୍ତମାନେ ମହାପ୍ରଭୁଙ୍କ ଦର୍ଶନ ପାଇଁ ଘଣ୍ଟା ଘଣ୍ଟା ଅପେକ୍ଷା କରୁଛନ୍ତି । ମନ୍ଦିର ପ୍ରଶାସନ ଏ ଦିଗରେ ଦୃଷ୍ଟି ଦେବା ଆବଶ୍ୟକ । ସେବାୟତମାନଙ୍କ ମଧ୍ୟରେ ସମନ୍ୱୟ ରକ୍ଷା କରି ନୀତିକାନ୍ତି ଠିକ୍ ସମୟରେ ସମ୍ପନ୍ନ କରିବା ଦରକାର ।
ଜନସାଧାରଣ ଭଲୁଆ
ପୁରୀ ଜିଲ୍ଲାରେ ପାନୀୟ ଜଳ ସମସ୍ୟା ଦେଖାଦେଇଛି । ଗାଁ ଗାଁରେ ନଳକୂପ ଅଚଳ ହୋଇ ପଡ଼ିରହିଛି ।
ବର୍ତ୍ତମାନ ଦେଶ ଓ ରାଜ୍ୟରେ ଦୁର୍ନୀତି ଓ ମହଙ୍ଗାଇ ଚରମ ସୀମାରେ ପହଞ୍ଚିଛି । ଏହାର ଶିକାର ହେଉଛନ୍ତି ସାଧାରଣ ଜନତା । ସରକାରୀ ଅଫିସରେ ଲାଞ୍ଚ ନ ଦେଲେ କୌଣସି କାମ ହେଉନାହିଁ । ଗରିବ ଲୋକଙ୍କ ପାଇଁ ଉଦ୍ଦିଷ୍ଟ ଯୋଜନାର ଲାଭ ପ୍ରକୃତ ହିତାଧିକାରୀଙ୍କ ପାଖରେ ପହଞ୍ଚୁନାହିଁ । ମଧ୍ୟସ୍ଥିମାନେ ଏଥିରୁ ଲାଭ ଉଠାଉଛନ୍ତି । ଜନସାଧାରଣ ଏହି ଅନ୍ୟାୟ ବିରୋଧରେ ସ୍ୱର ଉତ୍ତୋଳନ କରିବା ଦରକାର । ଆମେ ଯେତେଦିନ ଚୁପ୍ ରହିବା ସେତେଦିନ ଏ ସମସ୍ୟା ଲାଗି ରହିବ । ସଚେତନ ନାଗରିକ ଭାବେ ଆମର ଦାୟିତ୍ୱ ପାଳନ କରିବା ଉଚିତ ।
ସବୁ ବିଭାଗରେ ଅବହେଳା
କଳାହାଣ୍ଡି ଜିଲ୍ଲାର ଏକ ପଞ୍ଚାୟତରେ ସରକାରୀ ବିଭାଗଗୁଡ଼ିକ ଅବହେଳା କରୁଛନ୍ତି । ରାସ୍ତା ଓ ବିଦ୍ୟାଳୟ ନିର୍ମାଣ କାର୍ଯ୍ୟ ଅଧାରେ ରହିଛି ।
ରାଜ୍ୟରେ ଶିକ୍ଷା ବ୍ୟବସ୍ଥାରେ ସଂସ୍କାର ଆବଶ୍ୟକ । ଅନେକ ବିଦ୍ୟାଳୟରେ ଶିକ୍ଷକ ଅଭାବ ରହିଛି । ଛାତ୍ରଛାତ୍ରୀମାନେ ଉପଯୁକ୍ତ ଶିକ୍ଷା ପାଉନାହାନ୍ତି । ଏଥିପାଇଁ ସରକାର ଶୀଘ୍ର ଶିକ୍ଷକ ନିଯୁକ୍ତି କରିବା ଦରକାର । ମଧ୍ୟାହ୍ନ ଭୋଜନ ଯୋଜନାରେ ମଧ୍ୟ ଅନିୟମିତତା ଦେଖାଦେଇଛି । ପିଲାମାନଙ୍କୁ ପୁଷ୍ଟିକର ଖାଦ୍ୟ ଯୋଗାଇବା ପାଇଁ କଡ଼ା ନଜର ରଖିବା ଆବଶ୍ୟକ । ସାଧାରଣ ଜନତା ଏ ଦିଗରେ ସଚେତନ ହେବା ଦରକାର । ଆଶା କରୁଛି କର୍ତ୍ତୃପକ୍ଷ ଏ ସମ୍ପର୍କରେ ଉପଯୁକ୍ତ ପଦକ୍ଷେପ ନେବେ ।
ପାଠକ ଶ୍ରେଷ୍ଠ ବିଚାରକ ସ୍ତମ୍ଭ ପାଇଁ ଆପଣଙ୍କ ଚିଠି ପଠାନ୍ତୁ: ସମ୍ପାଦକ, ଧରିତ୍ରୀ, ବି-୧୫, ରସୁଲଗଡ଼ ଶିଳ୍ପାଞ୍ଚଳ, ଭୁବନେଶ୍ୱର-୭୫୧୦୧୦
କେବଳ ସମ୍ପାଦକଙ୍କ ପାଇଁ, ଖବର ପାଇଁ ବ୍ୟବହାର କରନ୍ତୁ :
E-mail:dharitripress@gmail.com
(Use only for letters to Editor, news & news photos)
କେବଳ ବିଜ୍ଞାପନ ପାଇଁ ବ୍ୟବହାର କରନ୍ତୁ :
E-mail:advt@dharitri.com
:miku11@yahoo.com (Use only for advertisements, commercial queries)
